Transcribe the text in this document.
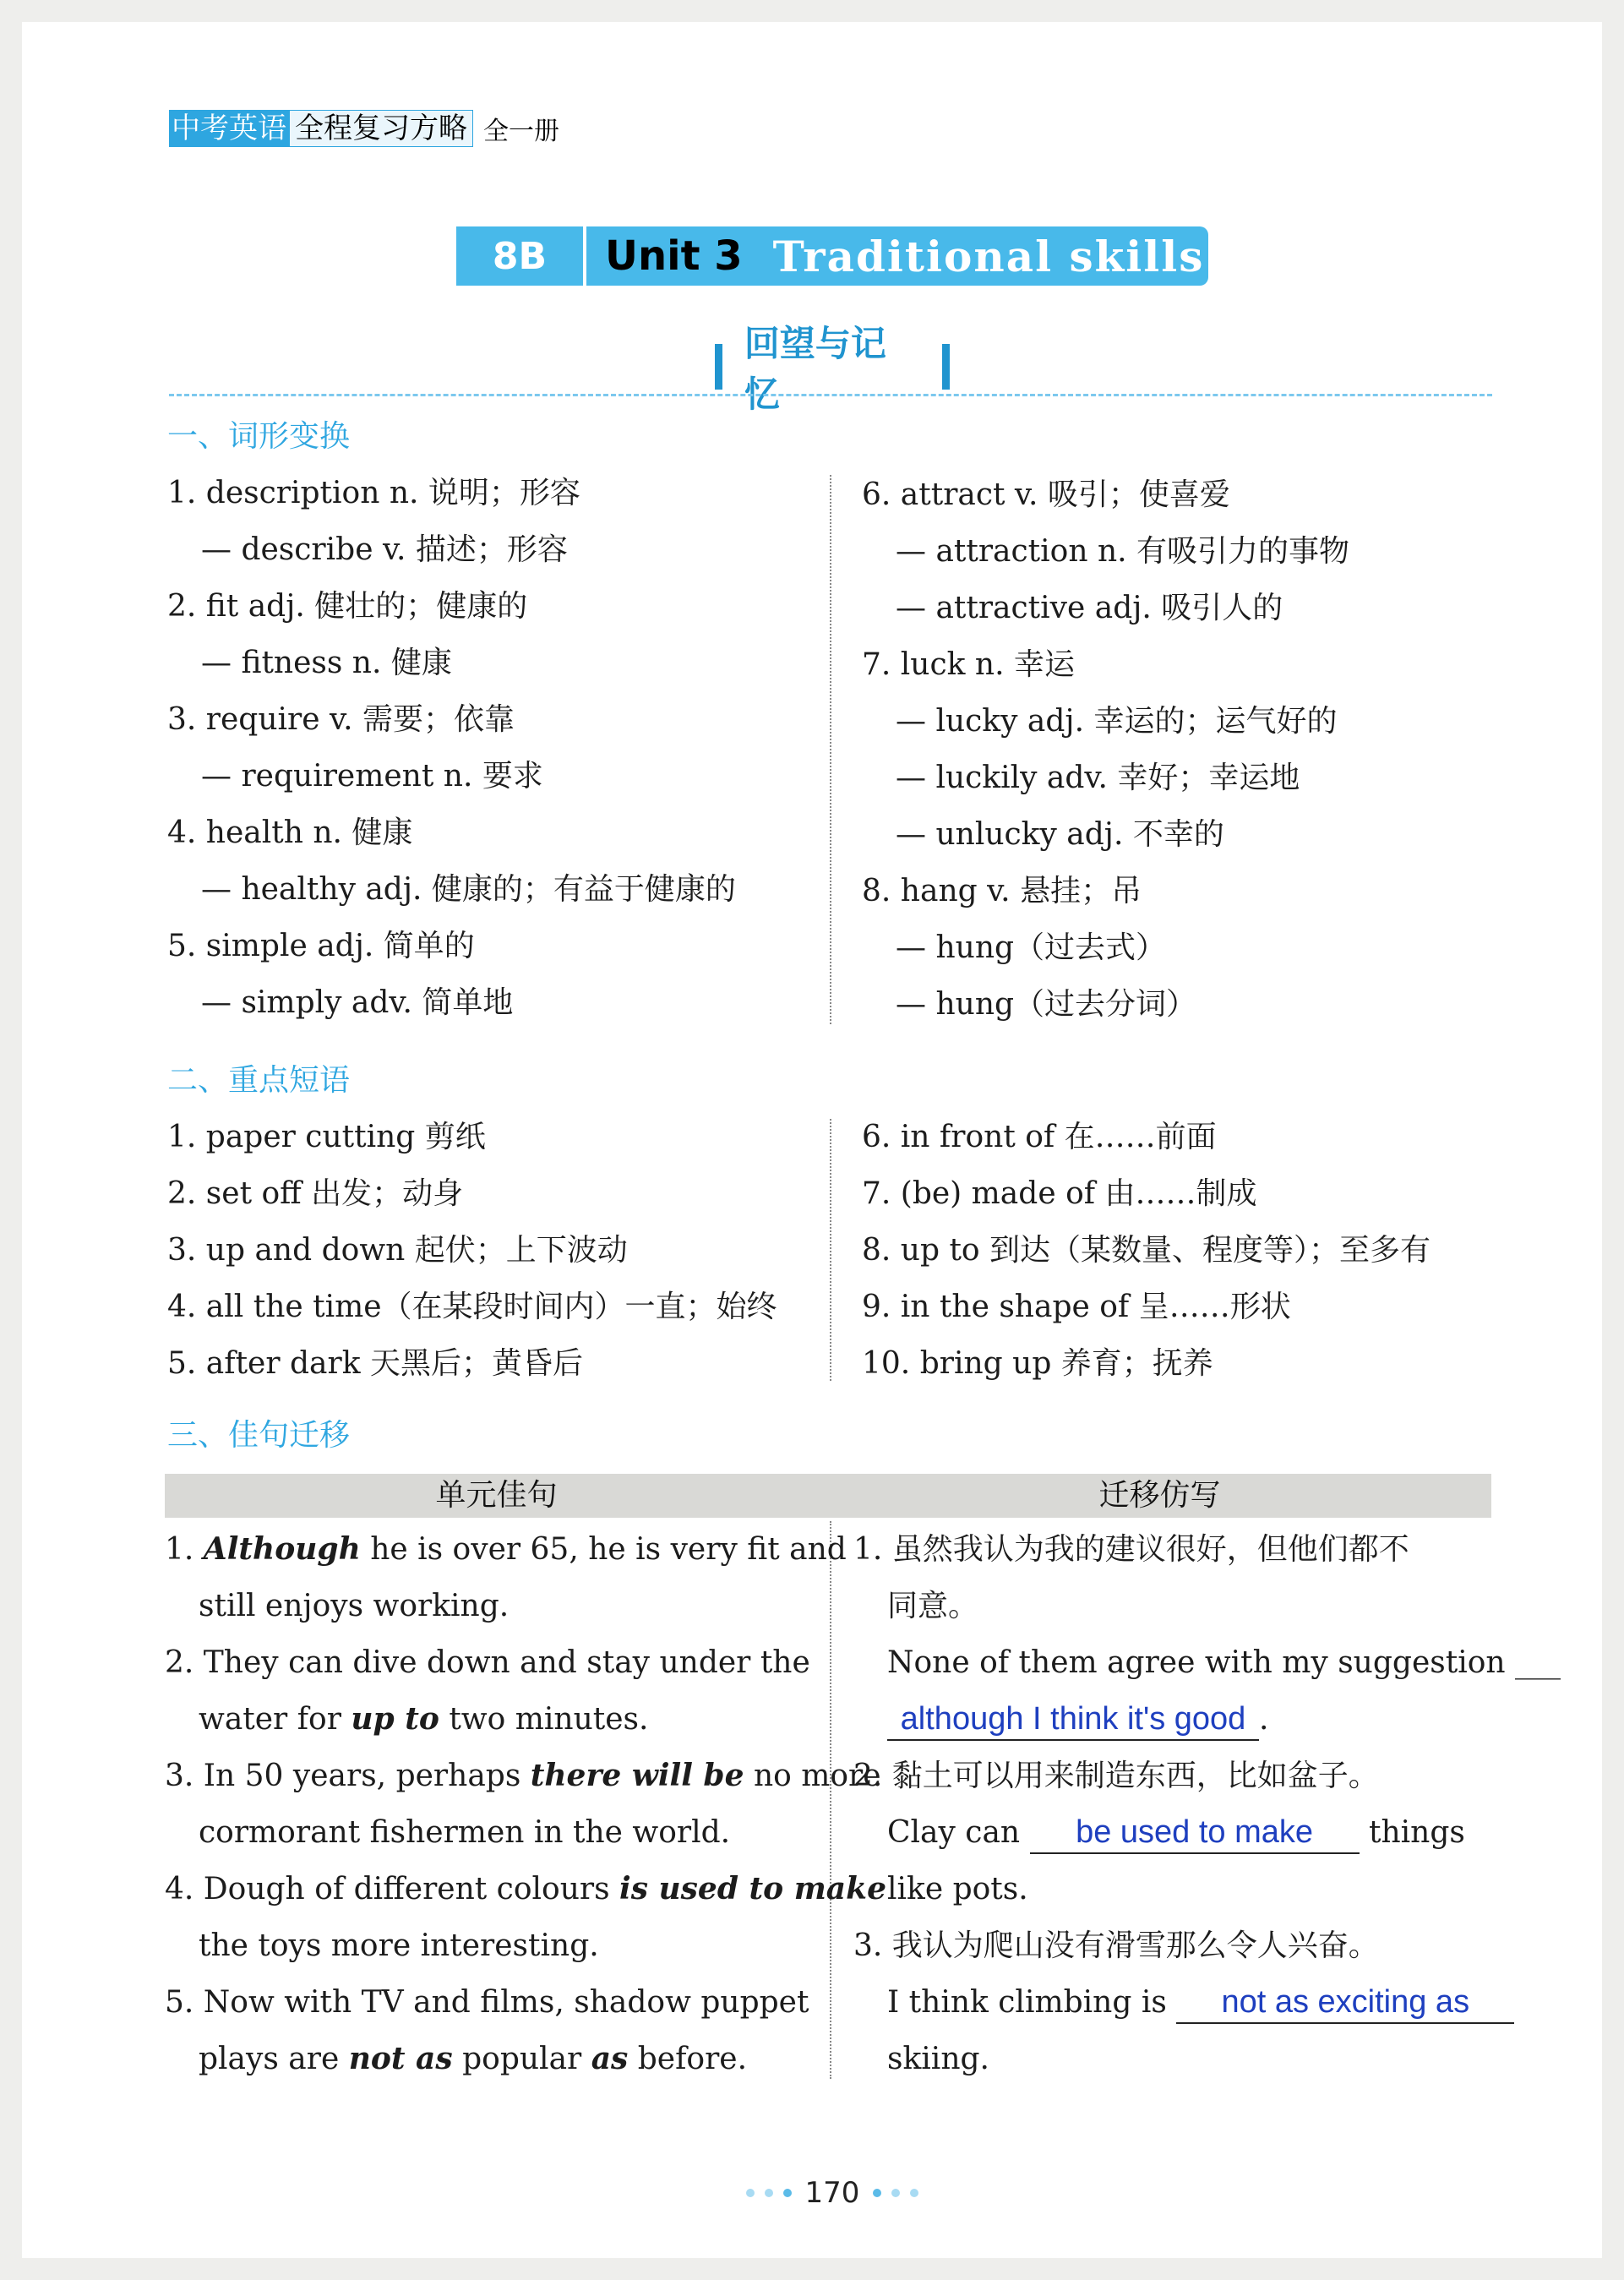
中考英语 全程复习方略 全一册
8B	Unit 3 Traditional skills
回望与记忆
一、词形变换
1. description n. 说明；形容
— describe v. 描述；形容
2. fit adj. 健壮的；健康的
— fitness n. 健康
3. require v. 需要；依靠
— requirement n. 要求
4. health n. 健康
— healthy adj. 健康的；有益于健康的
5. simple adj. 简单的
— simply adv. 简单地
6. attract v. 吸引；使喜爱
— attraction n. 有吸引力的事物
— attractive adj. 吸引人的
7. luck n. 幸运
— lucky adj. 幸运的；运气好的
— luckily adv. 幸好；幸运地
— unlucky adj. 不幸的
8. hang v. 悬挂；吊
— hung（过去式）
— hung（过去分词）
二、重点短语
1. paper cutting 剪纸
2. set off 出发；动身
3. up and down 起伏；上下波动
4. all the time（在某段时间内）一直；始终
5. after dark 天黑后；黄昏后
6. in front of 在……前面
7. (be) made of 由……制成
8. up to 到达（某数量、程度等）；至多有
9. in the shape of 呈……形状
10. bring up 养育；抚养
三、佳句迁移
单元佳句	迁移仿写
1. Although he is over 65, he is very fit and
still enjoys working.
2. They can dive down and stay under the
water for up to two minutes.
3. In 50 years, perhaps there will be no more
cormorant fishermen in the world.
4. Dough of different colours is used to make
the toys more interesting.
5. Now with TV and films, shadow puppet
plays are not as popular as before.
1. 虽然我认为我的建议很好，但他们都不
同意。
None of them agree with my suggestion ___
although I think it's good .
2. 黏土可以用来制造东西，比如盆子。
Clay can be used to make things
like pots.
3. 我认为爬山没有滑雪那么令人兴奋。
I think climbing is not as exciting as
skiing.
170
